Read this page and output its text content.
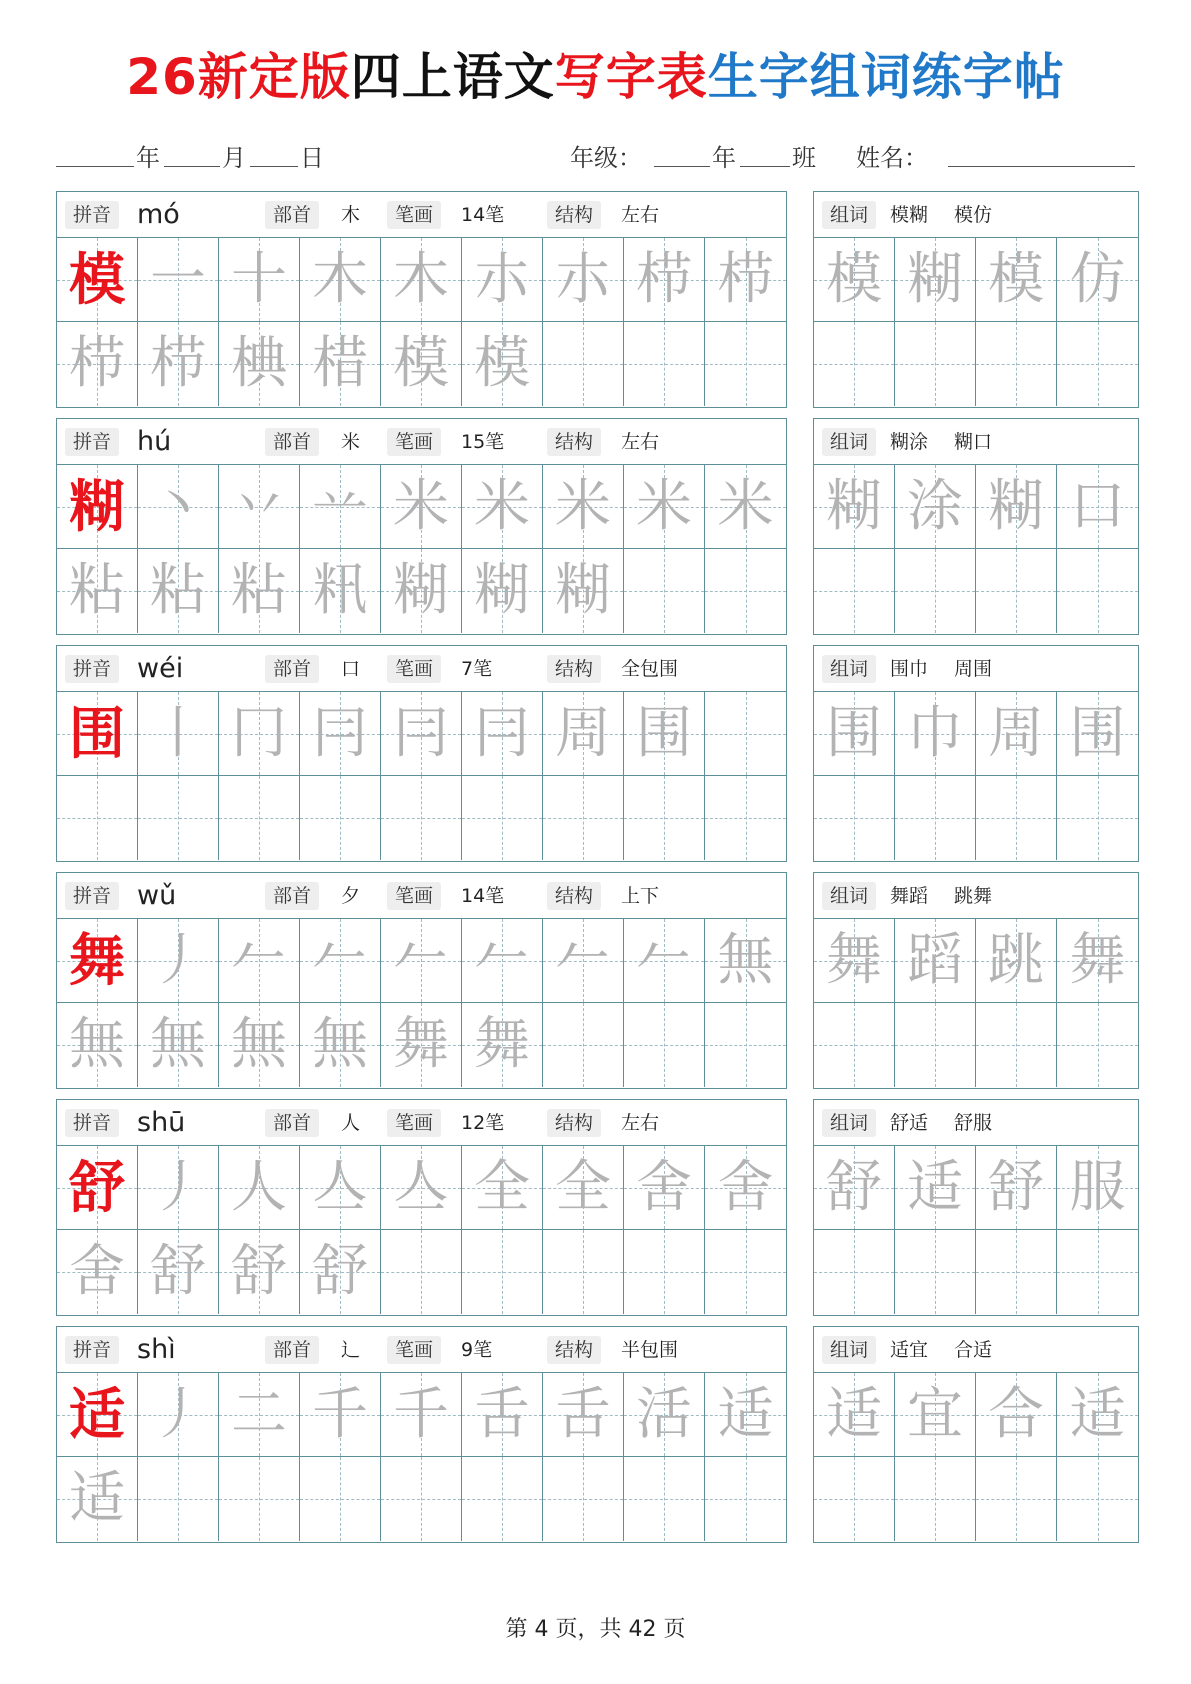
26新定版四上语文写字表生字组词练字帖
年	月 日	年级：	年 班 姓名：
拼音 mó	部首	木	笔画	14笔	结构	左右
模 一 十 木 木 朩 朩 栉 栉
栉 栉 椣 棤 模 模
组词	模糊 模仿
模 糊 模 仿
拼音 hú	部首	米	笔画	15笔	结构	左右
糊 丶 丷 䒑 米 米 米 米 米
粘 粘 粘 籸 糊 糊 糊
组词	糊涂 糊口
糊 涂 糊 口
拼音 wéi	部首	口	笔画	7笔	结构	全包围
围 丨 冂 冃 冃 冃 周 围
组词	围巾 周围
围 巾 周 围
拼音 wǔ	部首	夕	笔画	14笔	结构	上下
舞 丿 𠂉 𠂉 𠂉 𠂉 𠂉 𠂉 無
無 無 無 無 舞 舞
组词	舞蹈 跳舞
舞 蹈 跳 舞
拼音 shū	部首	人	笔画	12笔	结构	左右
舒 丿 人 亼 亼 全 全 舍 舍
舍 舒 舒 舒
组词	舒适 舒服
舒 适 舒 服
拼音 shì	部首	辶	笔画	9笔	结构	半包围
适 丿 二 千 千 舌 舌 活 适
适
组词	适宜 合适
适 宜 合 适
第 4 页，共 42 页
